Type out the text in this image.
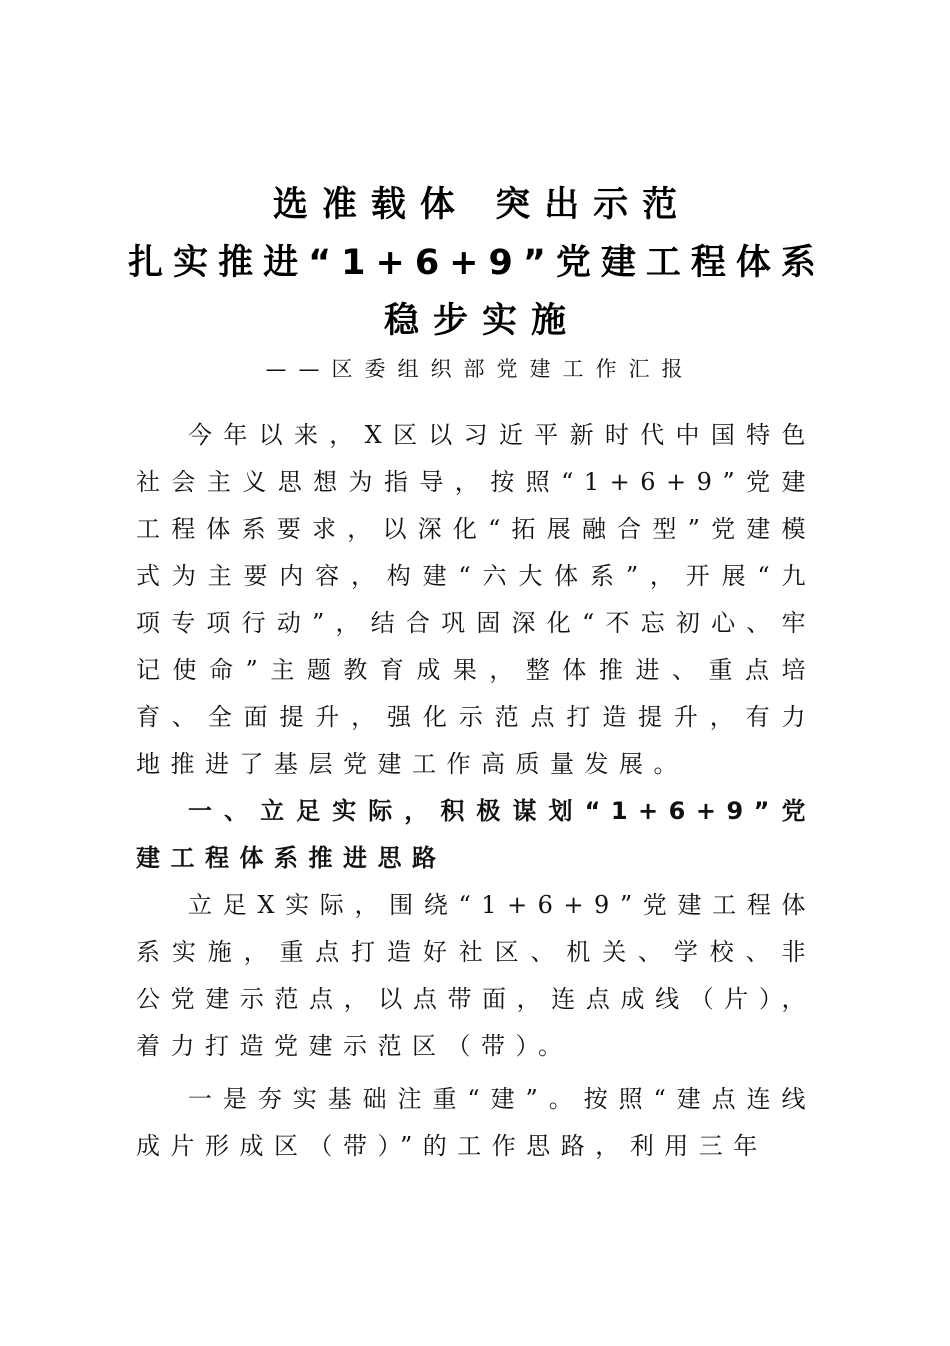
选准载体 突出示范
扎实推进“1+6+9”党建工程体系
稳步实施
——区委组织部党建工作汇报

今年以来，X区以习近平新时代中国特色社会主义思想为指导，按照“1+6+9”党建工程体系要求，以深化“拓展融合型”党建模式为主要内容，构建“六大体系”，开展“九项专项行动”，结合巩固深化“不忘初心、牢记使命”主题教育成果，整体推进、重点培育、全面提升，强化示范点打造提升，有力地推进了基层党建工作高质量发展。

一、立足实际，积极谋划“1+6+9”党建工程体系推进思路

立足X实际，围绕“1+6+9”党建工程体系实施，重点打造好社区、机关、学校、非公党建示范点，以点带面，连点成线（片），着力打造党建示范区（带）。

一是夯实基础注重“建”。按照“建点连线成片形成区（带）”的工作思路，利用三年
